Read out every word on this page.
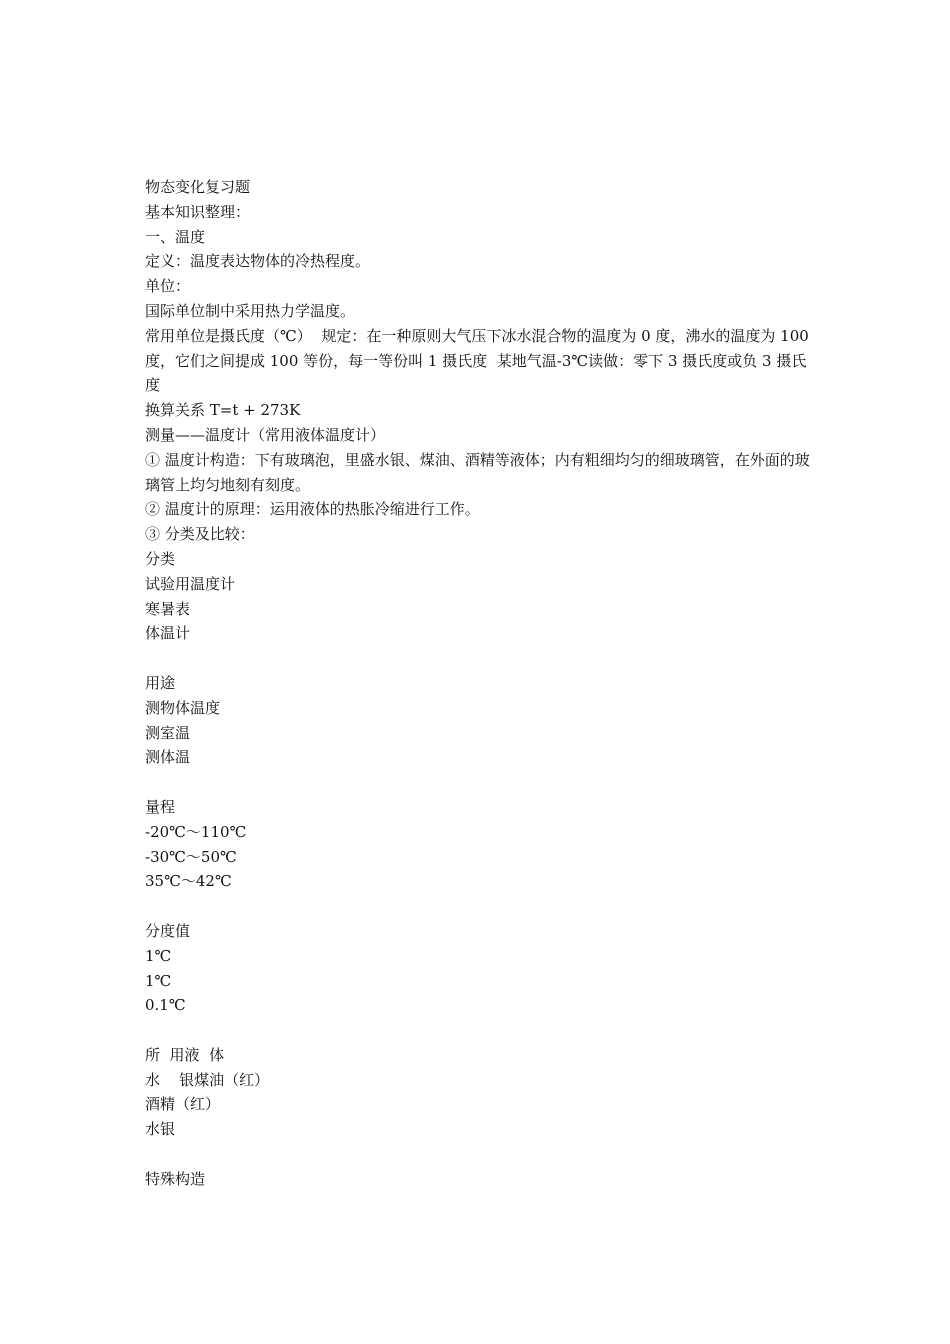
物态变化复习题

基本知识整理：

一、温度

定义：温度表达物体的冷热程度。

单位：

国际单位制中采用热力学温度。

常用单位是摄氏度（℃）  规定：在一种原则大气压下冰水混合物的温度为 0 度，沸水的温度为 100 度，它们之间提成 100 等份，每一等份叫 1 摄氏度  某地气温-3℃读做：零下 3 摄氏度或负 3 摄氏度

换算关系 T=t + 273K

测量——温度计（常用液体温度计）

① 温度计构造：下有玻璃泡，里盛水银、煤油、酒精等液体；内有粗细均匀的细玻璃管，在外面的玻璃管上均匀地刻有刻度。

② 温度计的原理：运用液体的热胀冷缩进行工作。

③ 分类及比较：

分类

试验用温度计

寒暑表

体温计

用途

测物体温度

测室温

测体温

量程

-20℃～110℃

-30℃～50℃

35℃～42℃

分度值

1℃

1℃

0.1℃

所  用液  体

水    银煤油（红）

酒精（红）

水银

特殊构造
